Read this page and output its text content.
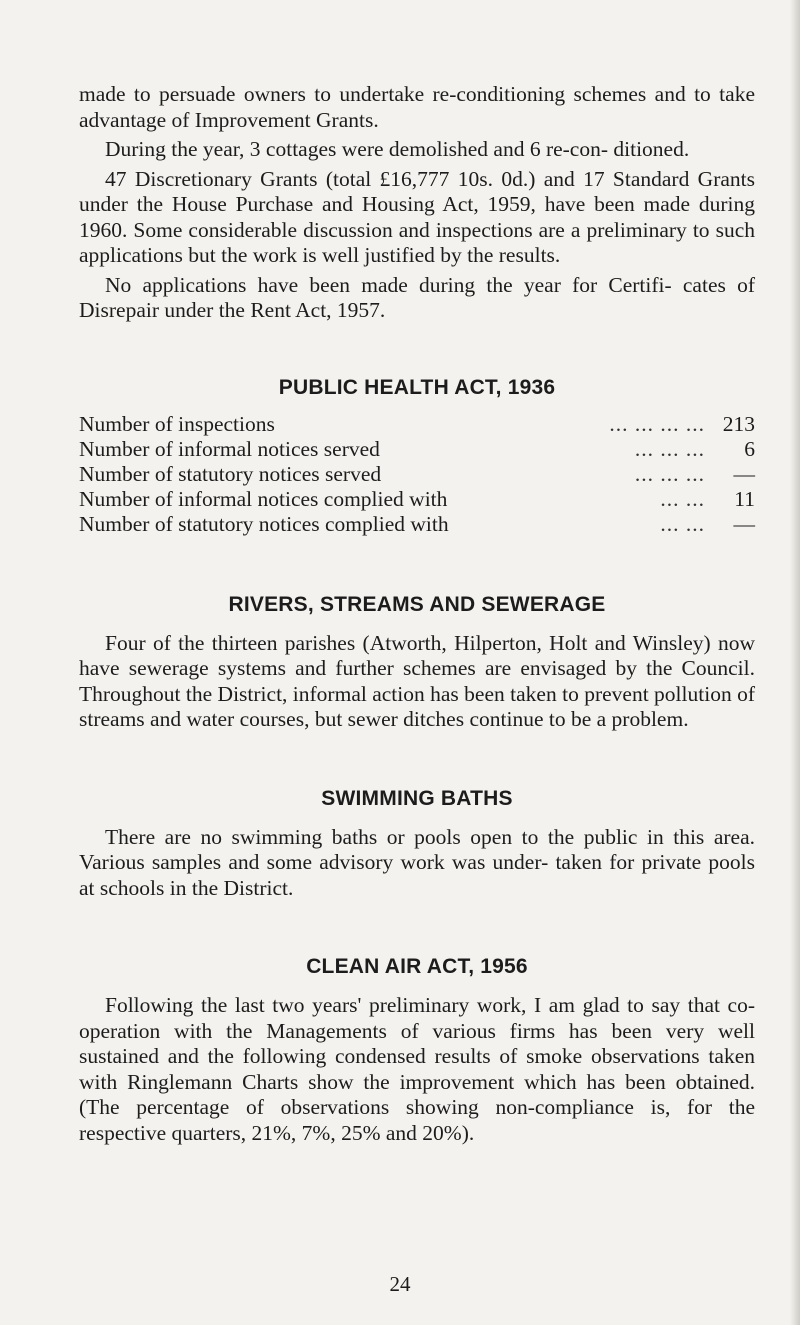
made to persuade owners to undertake re-conditioning schemes and to take advantage of Improvement Grants.

During the year, 3 cottages were demolished and 6 re-con- ditioned.

47 Discretionary Grants (total £16,777 10s. 0d.) and 17 Standard Grants under the House Purchase and Housing Act, 1959, have been made during 1960. Some considerable discussion and inspections are a preliminary to such applications but the work is well justified by the results.

No applications have been made during the year for Certifi- cates of Disrepair under the Rent Act, 1957.

PUBLIC HEALTH ACT, 1936
Number of inspections	... ... ... ... 213
Number of informal notices served	... ... ...	6
Number of statutory notices served	... ... ...	—
Number of informal notices complied with	... ...	11
Number of statutory notices complied with	... ...	—
RIVERS, STREAMS AND SEWERAGE

Four of the thirteen parishes (Atworth, Hilperton, Holt and Winsley) now have sewerage systems and further schemes are envisaged by the Council. Throughout the District, informal action has been taken to prevent pollution of streams and water courses, but sewer ditches continue to be a problem.

SWIMMING BATHS

There are no swimming baths or pools open to the public in this area. Various samples and some advisory work was under- taken for private pools at schools in the District.

CLEAN AIR ACT, 1956

Following the last two years' preliminary work, I am glad to say that co-operation with the Managements of various firms has been very well sustained and the following condensed results of smoke observations taken with Ringlemann Charts show the improvement which has been obtained. (The percentage of observations showing non-compliance is, for the respective quarters, 21%, 7%, 25% and 20%).

24
